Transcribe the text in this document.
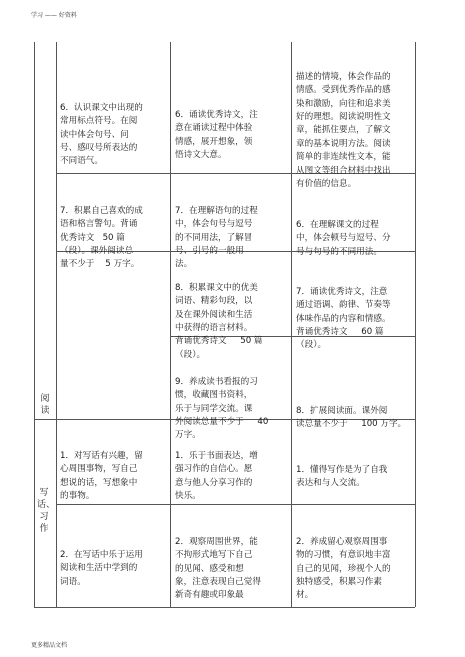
学习 —— 好资料
阅读
写话、习作

描述的情境，体会作品的
情感。受到优秀作品的感
染和激励，向往和追求美
好的理想。阅读说明性文
章，能抓住要点，了解文
章的基本说明方法。阅读
简单的非连续性文本，能
从图文等组合材料中找出
有价值的信息。

6．认识课文中出现的
常用标点符号。在阅
读中体会句号、问
号、感叹号所表达的
不同语气。

6．诵读优秀诗文，注
意在诵读过程中体验
情感，展开想象，领
悟诗文大意。

7．积累自己喜欢的成
语和格言警句。背诵
优秀诗文   50 篇
（段）。课外阅读总
量不少于    5 万字。

7．在理解语句的过程
中，体会句号与逗号
的不同用法，了解冒
号、引号的一般用
法。

6．在理解课文的过程
中，体会顿号与逗号、分
号与句号的不同用法。

8．积累课文中的优美
词语、精彩句段，以
及在课外阅读和生活
中获得的语言材料。
背诵优秀诗文     50 篇
（段）。

7．诵读优秀诗文，注意
通过语调、韵律、节奏等
体味作品的内容和情感。
背诵优秀诗文     60 篇
（段）。

9．养成读书看报的习
惯，收藏图书资料，
乐于与同学交流。课
外阅读总量不少于     40
万字。

8．扩展阅读面。课外阅
读总量不少于     100 万字。

1．对写话有兴趣，留
心周围事物，写自己
想说的话，写想象中
的事物。

1．乐于书面表达，增
强习作的自信心。愿
意与他人分享习作的
快乐。

1．懂得写作是为了自我
表达和与人交流。

2．在写话中乐于运用
阅读和生活中学到的
词语。

2．观察周围世界，能
不拘形式地写下自己
的见闻、感受和想
象，注意表现自己觉得
新奇有趣或印象最

2．养成留心观察周围事
物的习惯，有意识地丰富
自己的见闻，珍视个人的
独特感受，积累习作素
材。

更多精品文档
